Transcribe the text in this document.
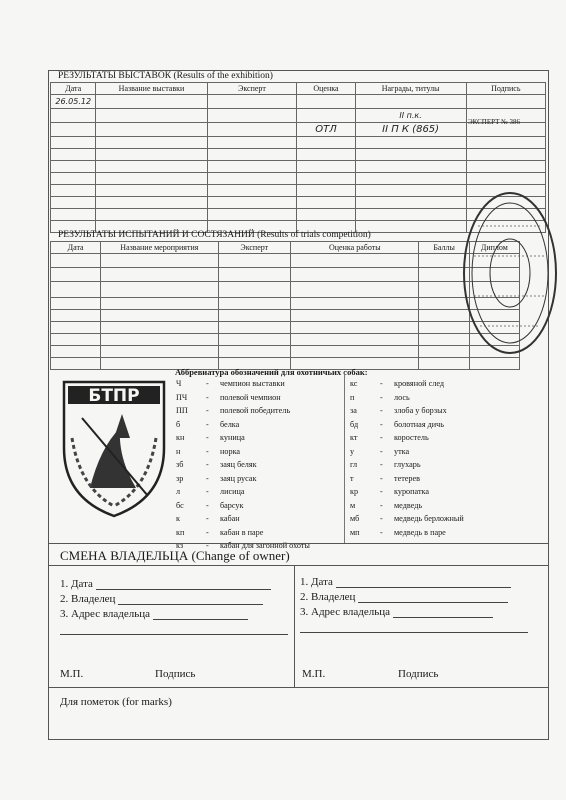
РЕЗУЛЬТАТЫ ВЫСТАВОК (Results of the exhibition)
Дата	Название выставки	Эксперт	Оценка	Награды, титулы	Подпись
26.05.12					
				II п.к.	
			ОТЛ	II П К (865)	

ЭКСПЕРТ № 386
РЕЗУЛЬТАТЫ ИСПЫТАНИЙ И СОСТЯЗАНИЙ (Results of trials competition)
Дата	Название мероприятия	Эксперт	Оценка работы	Баллы	Диплом

Аббревиатура обозначений для охотничьих собак:
БТПР
Ч	-	чемпион выставки
ПЧ	-	полевой чемпион
ПП	-	полевой победитель
б	-	белка
кн	-	куница
н	-	норка
зб	-	заяц беляк
зр	-	заяц русак
л	-	лисица
бс	-	барсук
к	-	кабан
кп	-	кабан в паре
кз	-	кабан для загонной охоты
кс	-	кровяной след
п	-	лось
за	-	злоба у борзых
бд	-	болотная дичь
кт	-	коростель
у	-	утка
гл	-	глухарь
т	-	тетерев
кр	-	куропатка
м	-	медведь
мб	-	медведь берложный
мп	-	медведь в паре
СМЕНА ВЛАДЕЛЬЦА (Change of owner)
1. Дата
2. Владелец
3. Адрес владельца
1. Дата
2. Владелец
3. Адрес владельца
М.П.	Подпись	М.П.	Подпись
Для пометок (for marks)
